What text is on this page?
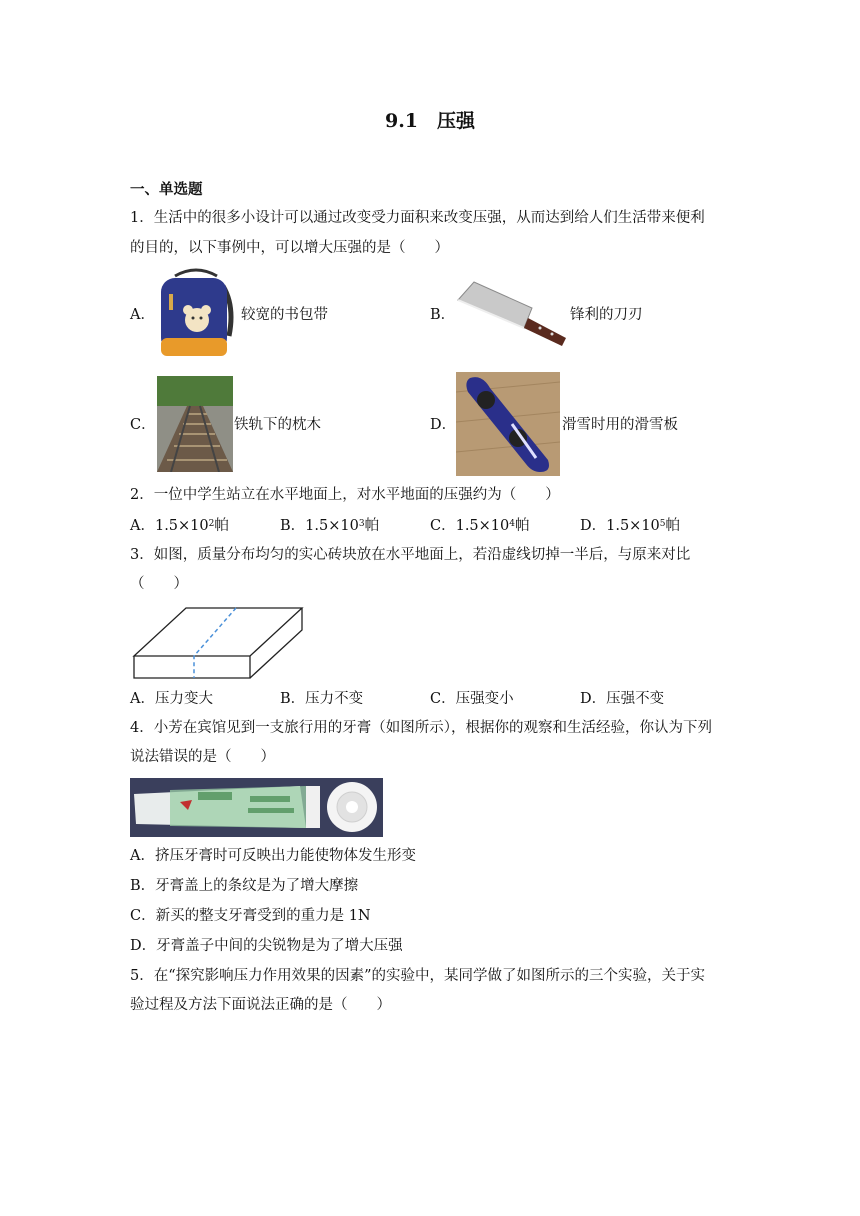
9.1　压强
一、单选题
1．生活中的很多小设计可以通过改变受力面积来改变压强，从而达到给人们生活带来便利
的目的，以下事例中，可以增大压强的是（　　）
A．	较宽的书包带	B．	锋利的刀刃
C．	铁轨下的枕木	D．	滑雪时用的滑雪板
2．一位中学生站立在水平地面上，对水平地面的压强约为（　　）
A．$1.5\times 10^2$帕	B．$1.5\times 10^3$帕	C．$1.5\times 10^4$帕	D．$1.5\times 10^5$帕
3．如图，质量分布均匀的实心砖块放在水平地面上，若沿虚线切掉一半后，与原来对比
（　　）
A．压力变大	B．压力不变	C．压强变小	D．压强不变
4．小芳在宾馆见到一支旅行用的牙膏（如图所示），根据你的观察和生活经验，你认为下列
说法错误的是（　　）
A．挤压牙膏时可反映出力能使物体发生形变
B．牙膏盖上的条纹是为了增大摩擦
C．新买的整支牙膏受到的重力是 1N
D．牙膏盖子中间的尖锐物是为了增大压强
5．在“探究影响压力作用效果的因素”的实验中，某同学做了如图所示的三个实验，关于实
验过程及方法下面说法正确的是（　　）
